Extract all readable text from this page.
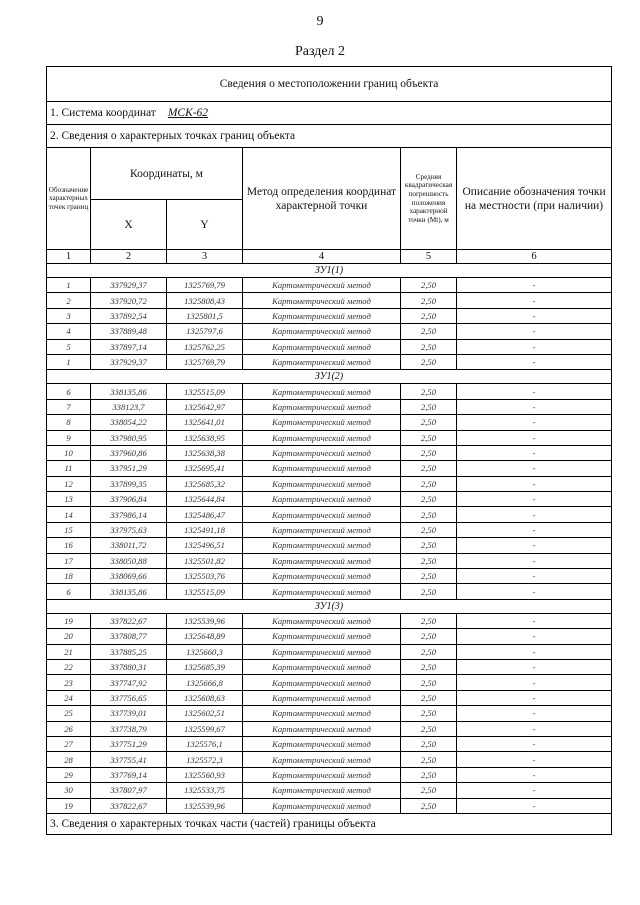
9
Раздел 2
Сведения о местоположении границ объекта					
1. Система координат МСК-62					
2. Сведения о характерных точках границ объекта					
Обозначение характерных точек границ	Координаты, м		Метод определения координат характерной точки	Средняя квадратическая погрешность положения характерной точки (Mt), м	Описание обозначения точки на местности (при наличии)
	X	Y			
1	2	3	4	5	6
ЗУ1(1)					
1	337929,37	1325769,79	Картометрический метод	2,50	-
2	337920,72	1325808,43	Картометрический метод	2,50	-
3	337892,54	1325801,5	Картометрический метод	2,50	-
4	337889,48	1325797,6	Картометрический метод	2,50	-
5	337897,14	1325762,25	Картометрический метод	2,50	-
1	337929,37	1325769,79	Картометрический метод	2,50	-
ЗУ1(2)					
6	338135,86	1325515,09	Картометрический метод	2,50	-
7	338123,7	1325642,97	Картометрический метод	2,50	-
8	338054,22	1325641,01	Картометрический метод	2,50	-
9	337980,95	1325638,95	Картометрический метод	2,50	-
10	337960,86	1325638,38	Картометрический метод	2,50	-
11	337951,29	1325695,41	Картометрический метод	2,50	-
12	337899,35	1325685,32	Картометрический метод	2,50	-
13	337906,84	1325644,84	Картометрический метод	2,50	-
14	337986,14	1325486,47	Картометрический метод	2,50	-
15	337975,63	1325491,18	Картометрический метод	2,50	-
16	338011,72	1325496,51	Картометрический метод	2,50	-
17	338050,88	1325501,82	Картометрический метод	2,50	-
18	338069,66	1325503,76	Картометрический метод	2,50	-
6	338135,86	1325515,09	Картометрический метод	2,50	-
ЗУ1(3)					
19	337822,67	1325539,96	Картометрический метод	2,50	-
20	337808,77	1325648,89	Картометрический метод	2,50	-
21	337885,25	1325660,3	Картометрический метод	2,50	-
22	337880,31	1325685,39	Картометрический метод	2,50	-
23	337747,92	1325666,8	Картометрический метод	2,50	-
24	337756,65	1325608,63	Картометрический метод	2,50	-
25	337739,01	1325602,51	Картометрический метод	2,50	-
26	337738,79	1325599,67	Картометрический метод	2,50	-
27	337751,29	1325576,1	Картометрический метод	2,50	-
28	337755,41	1325572,3	Картометрический метод	2,50	-
29	337769,14	1325560,93	Картометрический метод	2,50	-
30	337807,97	1325533,75	Картометрический метод	2,50	-
19	337822,67	1325539,96	Картометрический метод	2,50	-
3. Сведения о характерных точках части (частей) границы объекта					
